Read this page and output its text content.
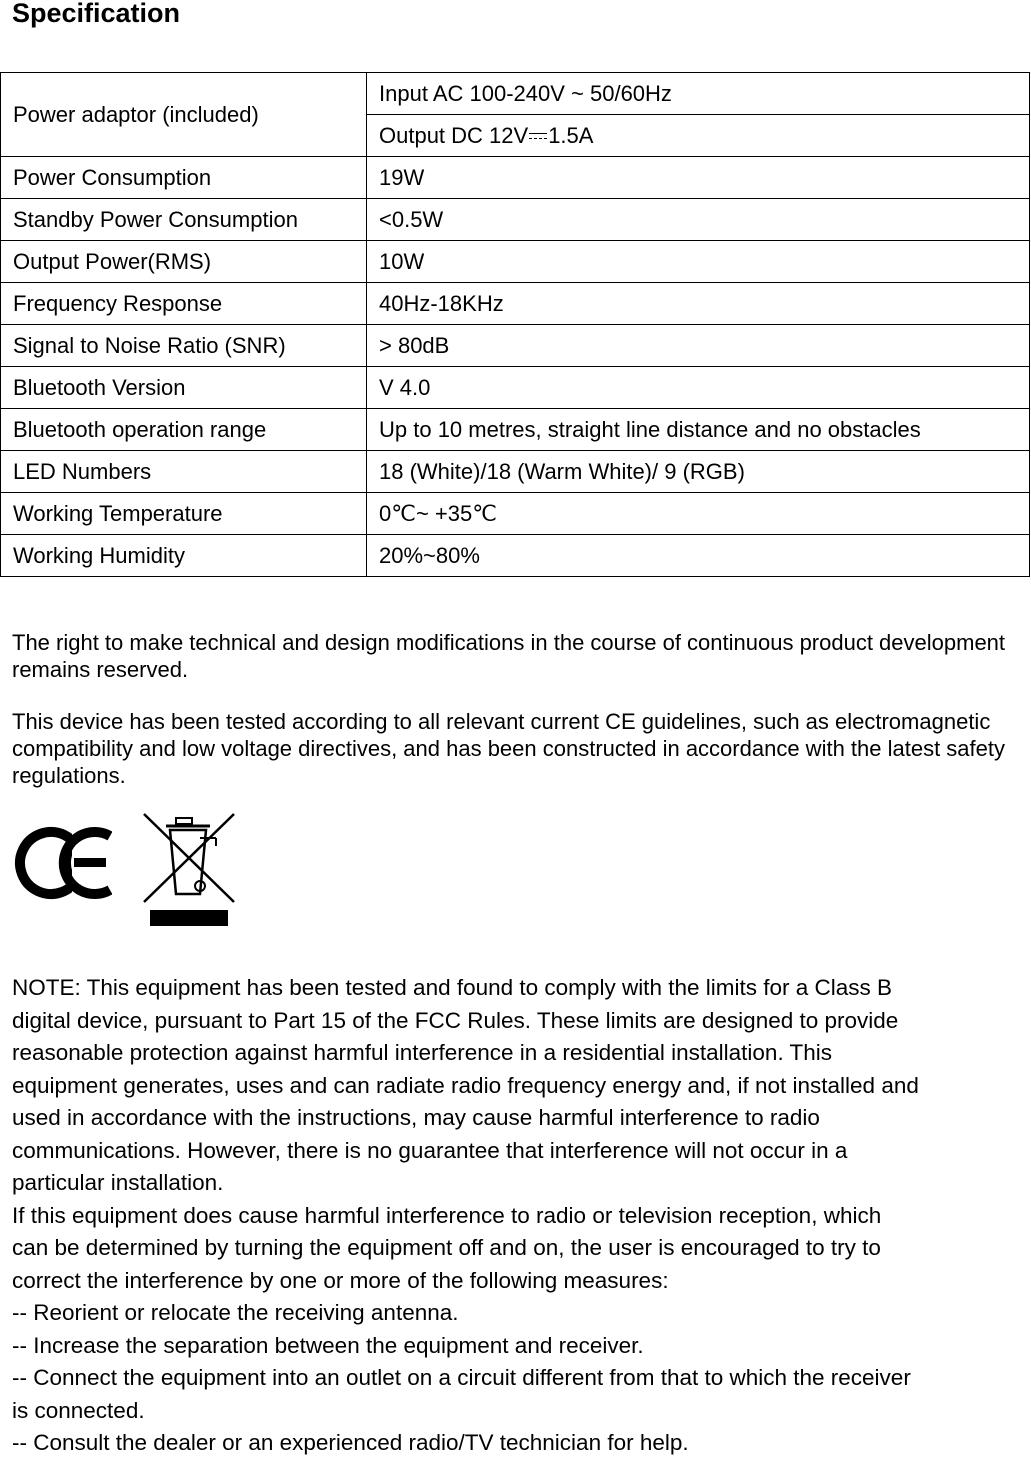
Specification
Power adaptor (included)	Input AC 100-240V ~ 50/60Hz
	Output DC 12V 1.5A
Power Consumption	19W
Standby Power Consumption	<0.5W
Output Power(RMS)	10W
Frequency Response	40Hz-18KHz
Signal to Noise Ratio (SNR)	> 80dB
Bluetooth Version	V 4.0
Bluetooth operation range	Up to 10 metres, straight line distance and no obstacles
LED Numbers	18 (White)/18 (Warm White)/ 9 (RGB)
Working Temperature	0℃~ +35℃
Working Humidity	20%~80%
The right to make technical and design modifications in the course of continuous product development remains reserved.
This device has been tested according to all relevant current CE guidelines, such as electromagnetic compatibility and low voltage directives, and has been constructed in accordance with the latest safety regulations.
NOTE: This equipment has been tested and found to comply with the limits for a Class B
digital device, pursuant to Part 15 of the FCC Rules. These limits are designed to provide
reasonable protection against harmful interference in a residential installation. This
equipment generates, uses and can radiate radio frequency energy and, if not installed and
used in accordance with the instructions, may cause harmful interference to radio
communications. However, there is no guarantee that interference will not occur in a
particular installation.
If this equipment does cause harmful interference to radio or television reception, which
can be determined by turning the equipment off and on, the user is encouraged to try to
correct the interference by one or more of the following measures:
-- Reorient or relocate the receiving antenna.
-- Increase the separation between the equipment and receiver.
-- Connect the equipment into an outlet on a circuit different from that to which the receiver
is connected.
-- Consult the dealer or an experienced radio/TV technician for help.
